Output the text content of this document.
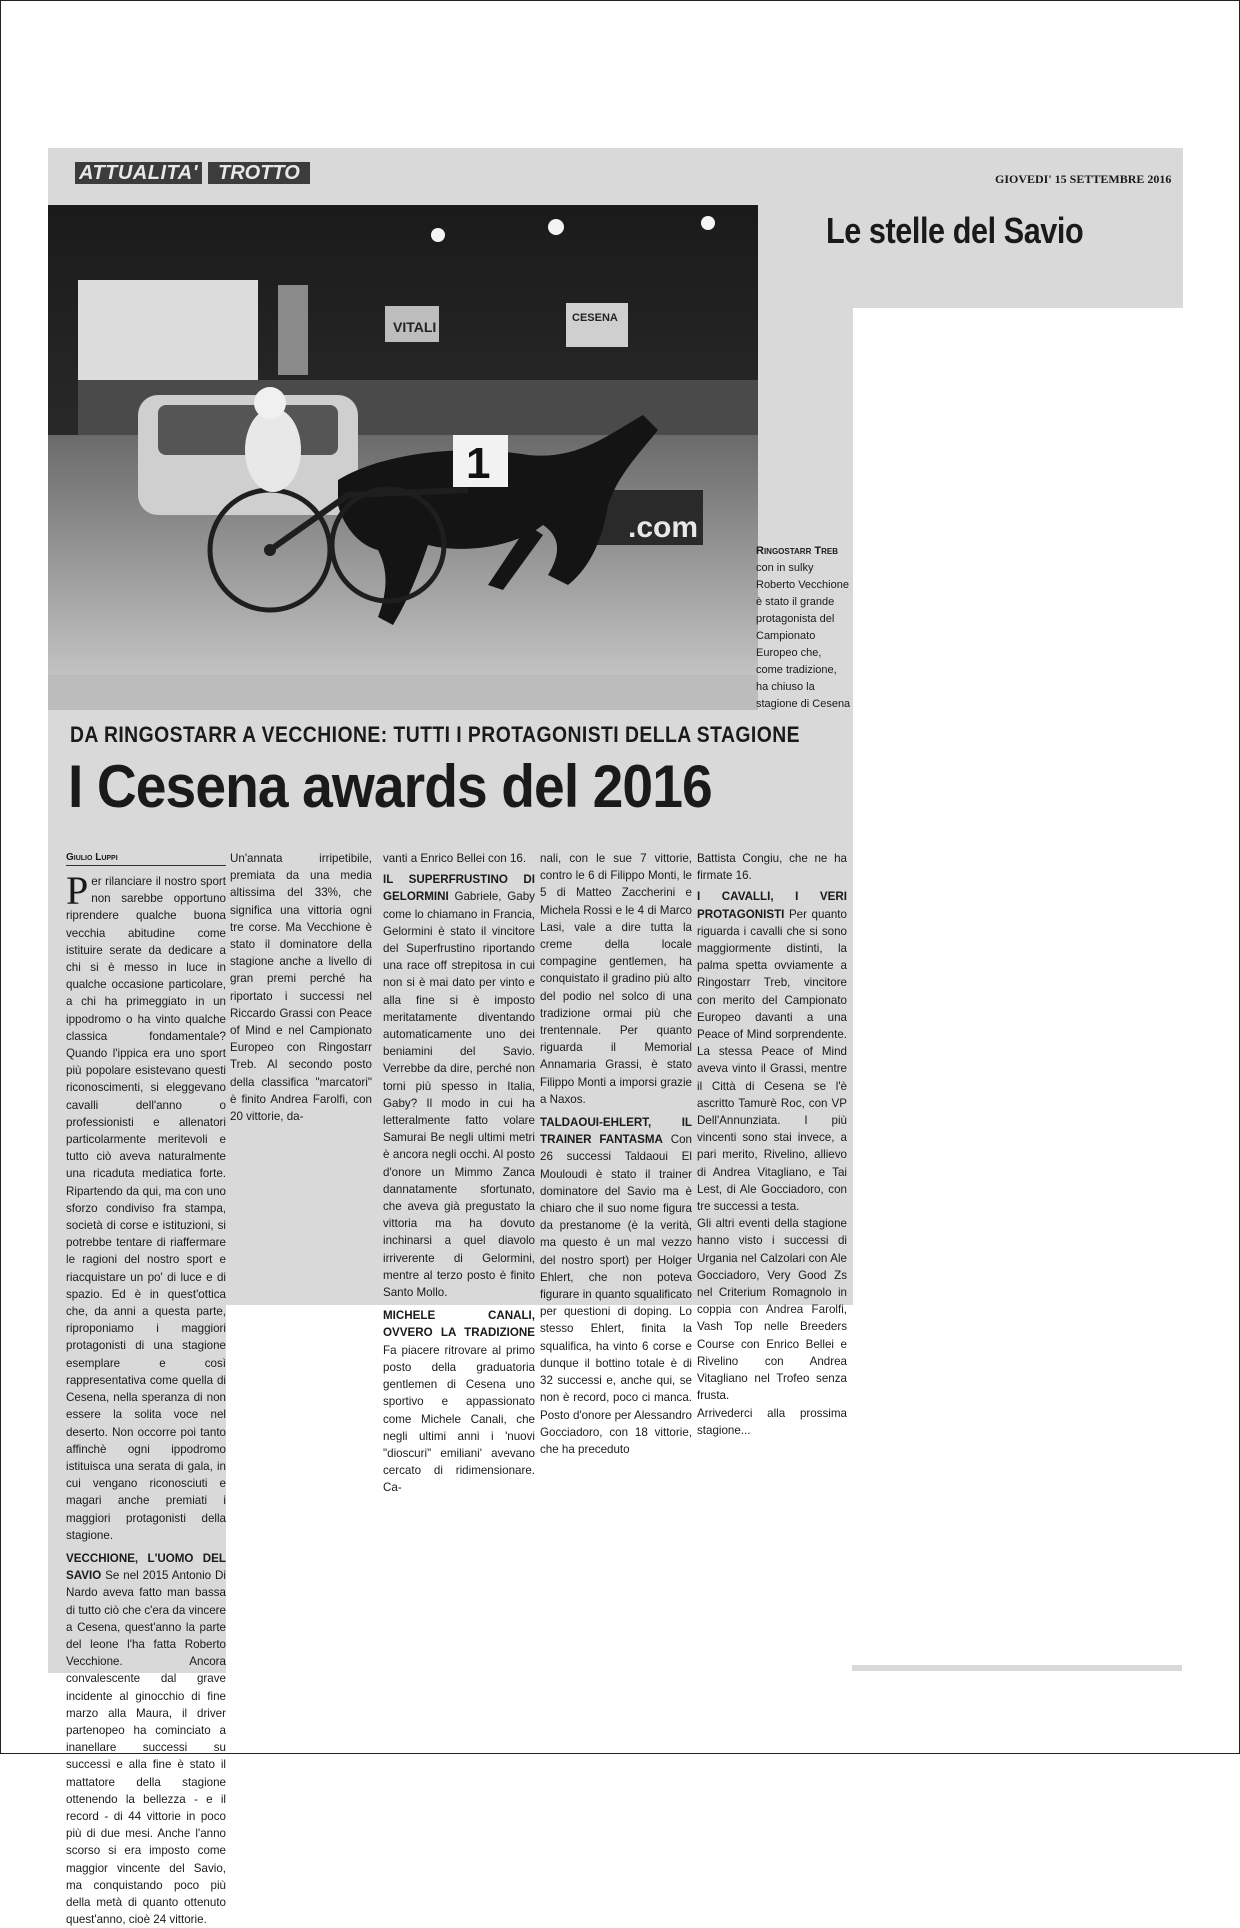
ATTUALITA' TROTTO	GIOVEDI' 15 SETTEMBRE 2016
Le stelle del Savio
VITALI
CESENA
.com
1
Ringostarr Treb con in sulky Roberto Vecchione è stato il grande protagonista del Campionato Europeo che, come tradizione, ha chiuso la stagione di Cesena
DA RINGOSTARR A VECCHIONE: TUTTI I PROTAGONISTI DELLA STAGIONE
I Cesena awards del 2016
Giulio Luppi

Per rilanciare il nostro sport non sarebbe opportuno riprendere qualche buona vecchia abitudine come istituire serate da dedicare a chi si è messo in luce in qualche occasione particolare, a chi ha primeggiato in un ippodromo o ha vinto qualche classica fondamentale? Quando l'ippica era uno sport più popolare esistevano questi riconoscimenti, si eleggevano cavalli dell'anno o professionisti e allenatori particolarmente meritevoli e tutto ciò aveva naturalmente una ricaduta mediatica forte. Ripartendo da qui, ma con uno sforzo condiviso fra stampa, società di corse e istituzioni, si potrebbe tentare di riaffermare le ragioni del nostro sport e riacquistare un po' di luce e di spazio. Ed è in quest'ottica che, da anni a questa parte, riproponiamo i maggiori protagonisti di una stagione esemplare e così rappresentativa come quella di Cesena, nella speranza di non essere la solita voce nel deserto. Non occorre poi tanto affinchè ogni ippodromo istituisca una serata di gala, in cui vengano riconosciuti e magari anche premiati i maggiori protagonisti della stagione.

VECCHIONE, L'UOMO DEL SAVIO Se nel 2015 Antonio Di Nardo aveva fatto man bassa di tutto ciò che c'era da vincere a Cesena, quest'anno la parte del leone l'ha fatta Roberto Vecchione. Ancora convalescente dal grave incidente al ginocchio di fine marzo alla Maura, il driver partenopeo ha cominciato a inanellare successi su successi e alla fine è stato il mattatore della stagione ottenendo la bellezza - e il record - di 44 vittorie in poco più di due mesi. Anche l'anno scorso si era imposto come maggior vincente del Savio, ma conquistando poco più della metà di quanto ottenuto quest'anno, cioè 24 vittorie.

Un'annata irripetibile, premiata da una media altissima del 33%, che significa una vittoria ogni tre corse. Ma Vecchione è stato il dominatore della stagione anche a livello di gran premi perché ha riportato i successi nel Riccardo Grassi con Peace of Mind e nel Campionato Europeo con Ringostarr Treb. Al secondo posto della classifica "marcatori" è finito Andrea Farolfi, con 20 vittorie, da-

vanti a Enrico Bellei con 16.

IL SUPERFRUSTINO DI GELORMINI Gabriele, Gaby come lo chiamano in Francia, Gelormini è stato il vincitore del Superfrustino riportando una race off strepitosa in cui non si è mai dato per vinto e alla fine si è imposto meritatamente diventando automaticamente uno dei beniamini del Savio. Verrebbe da dire, perché non torni più spesso in Italia, Gaby? Il modo in cui ha letteralmente fatto volare Samurai Be negli ultimi metri è ancora negli occhi. Al posto d'onore un Mimmo Zanca dannatamente sfortunato, che aveva già pregustato la vittoria ma ha dovuto inchinarsi a quel diavolo irriverente di Gelormini, mentre al terzo posto è finito Santo Mollo.

MICHELE CANALI, OVVERO LA TRADIZIONE Fa piacere ritrovare al primo posto della graduatoria gentlemen di Cesena uno sportivo e appassionato come Michele Canali, che negli ultimi anni i 'nuovi "dioscuri" emiliani' avevano cercato di ridimensionare. Ca-

nali, con le sue 7 vittorie, contro le 6 di Filippo Monti, le 5 di Matteo Zaccherini e Michela Rossi e le 4 di Marco Lasi, vale a dire tutta la creme della locale compagine gentlemen, ha conquistato il gradino più alto del podio nel solco di una tradizione ormai più che trentennale. Per quanto riguarda il Memorial Annamaria Grassi, è stato Filippo Monti a imporsi grazie a Naxos.

TALDAOUI-EHLERT, IL TRAINER FANTASMA Con 26 successi Taldaoui El Mouloudi è stato il trainer dominatore del Savio ma è chiaro che il suo nome figura da prestanome (è la verità, ma questo è un mal vezzo del nostro sport) per Holger Ehlert, che non poteva figurare in quanto squalificato per questioni di doping. Lo stesso Ehlert, finita la squalifica, ha vinto 6 corse e dunque il bottino totale è di 32 successi e, anche qui, se non è record, poco ci manca. Posto d'onore per Alessandro Gocciadoro, con 18 vittorie, che ha preceduto

Battista Congiu, che ne ha firmate 16.

I CAVALLI, I VERI PROTAGONISTI Per quanto riguarda i cavalli che si sono maggiormente distinti, la palma spetta ovviamente a Ringostarr Treb, vincitore con merito del Campionato Europeo davanti a una Peace of Mind sorprendente. La stessa Peace of Mind aveva vinto il Grassi, mentre il Città di Cesena se l'è ascritto Tamurè Roc, con VP Dell'Annunziata. I più vincenti sono stai invece, a pari merito, Rivelino, allievo di Andrea Vitagliano, e Tai Lest, di Ale Gocciadoro, con tre successi a testa.

Gli altri eventi della stagione hanno visto i successi di Urgania nel Calzolari con Ale Gocciadoro, Very Good Zs nel Criterium Romagnolo in coppia con Andrea Farolfi, Vash Top nelle Breeders Course con Enrico Bellei e Rivelino con Andrea Vitagliano nel Trofeo senza frusta.

Arrivederci alla prossima stagione...
